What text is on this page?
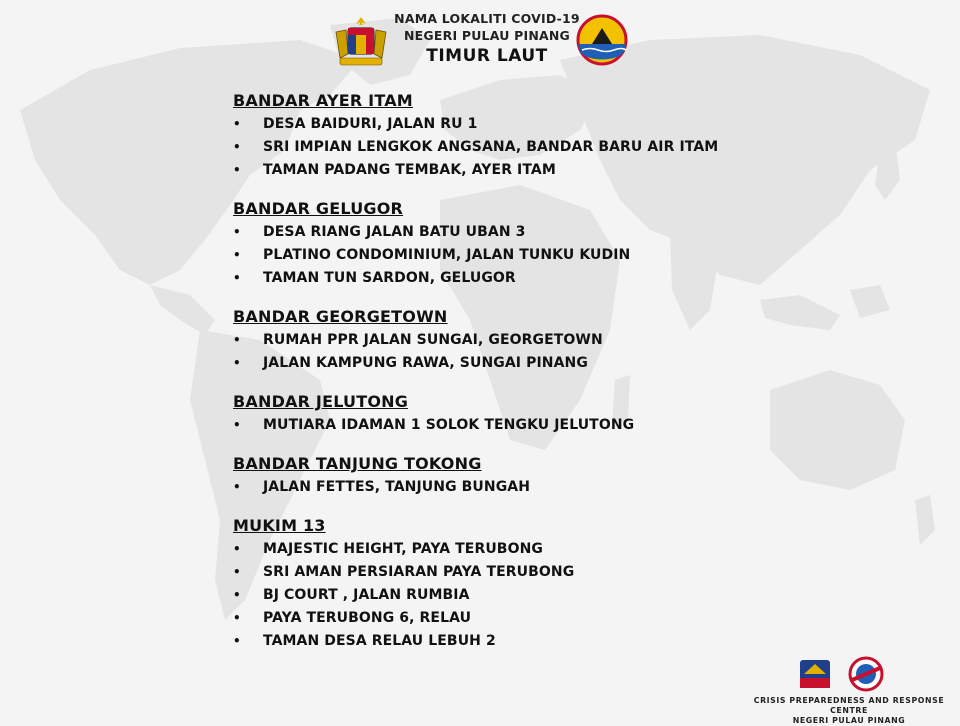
NAMA LOKALITI COVID-19
NEGERI PULAU PINANG
TIMUR LAUT
BANDAR AYER ITAM
• DESA BAIDURI, JALAN RU 1
• SRI IMPIAN LENGKOK ANGSANA, BANDAR BARU AIR ITAM
• TAMAN PADANG TEMBAK, AYER ITAM
BANDAR GELUGOR
• DESA RIANG JALAN BATU UBAN 3
• PLATINO CONDOMINIUM, JALAN TUNKU KUDIN
• TAMAN TUN SARDON, GELUGOR
BANDAR GEORGETOWN
• RUMAH PPR JALAN SUNGAI, GEORGETOWN
• JALAN KAMPUNG RAWA, SUNGAI PINANG
BANDAR JELUTONG
• MUTIARA IDAMAN 1 SOLOK TENGKU JELUTONG
BANDAR TANJUNG TOKONG
• JALAN FETTES, TANJUNG BUNGAH
MUKIM 13
• MAJESTIC HEIGHT, PAYA TERUBONG
• SRI AMAN PERSIARAN PAYA TERUBONG
• BJ COURT , JALAN RUMBIA
• PAYA TERUBONG 6, RELAU
• TAMAN DESA RELAU LEBUH 2
CRISIS PREPAREDNESS AND RESPONSE CENTRE
NEGERI PULAU PINANG
